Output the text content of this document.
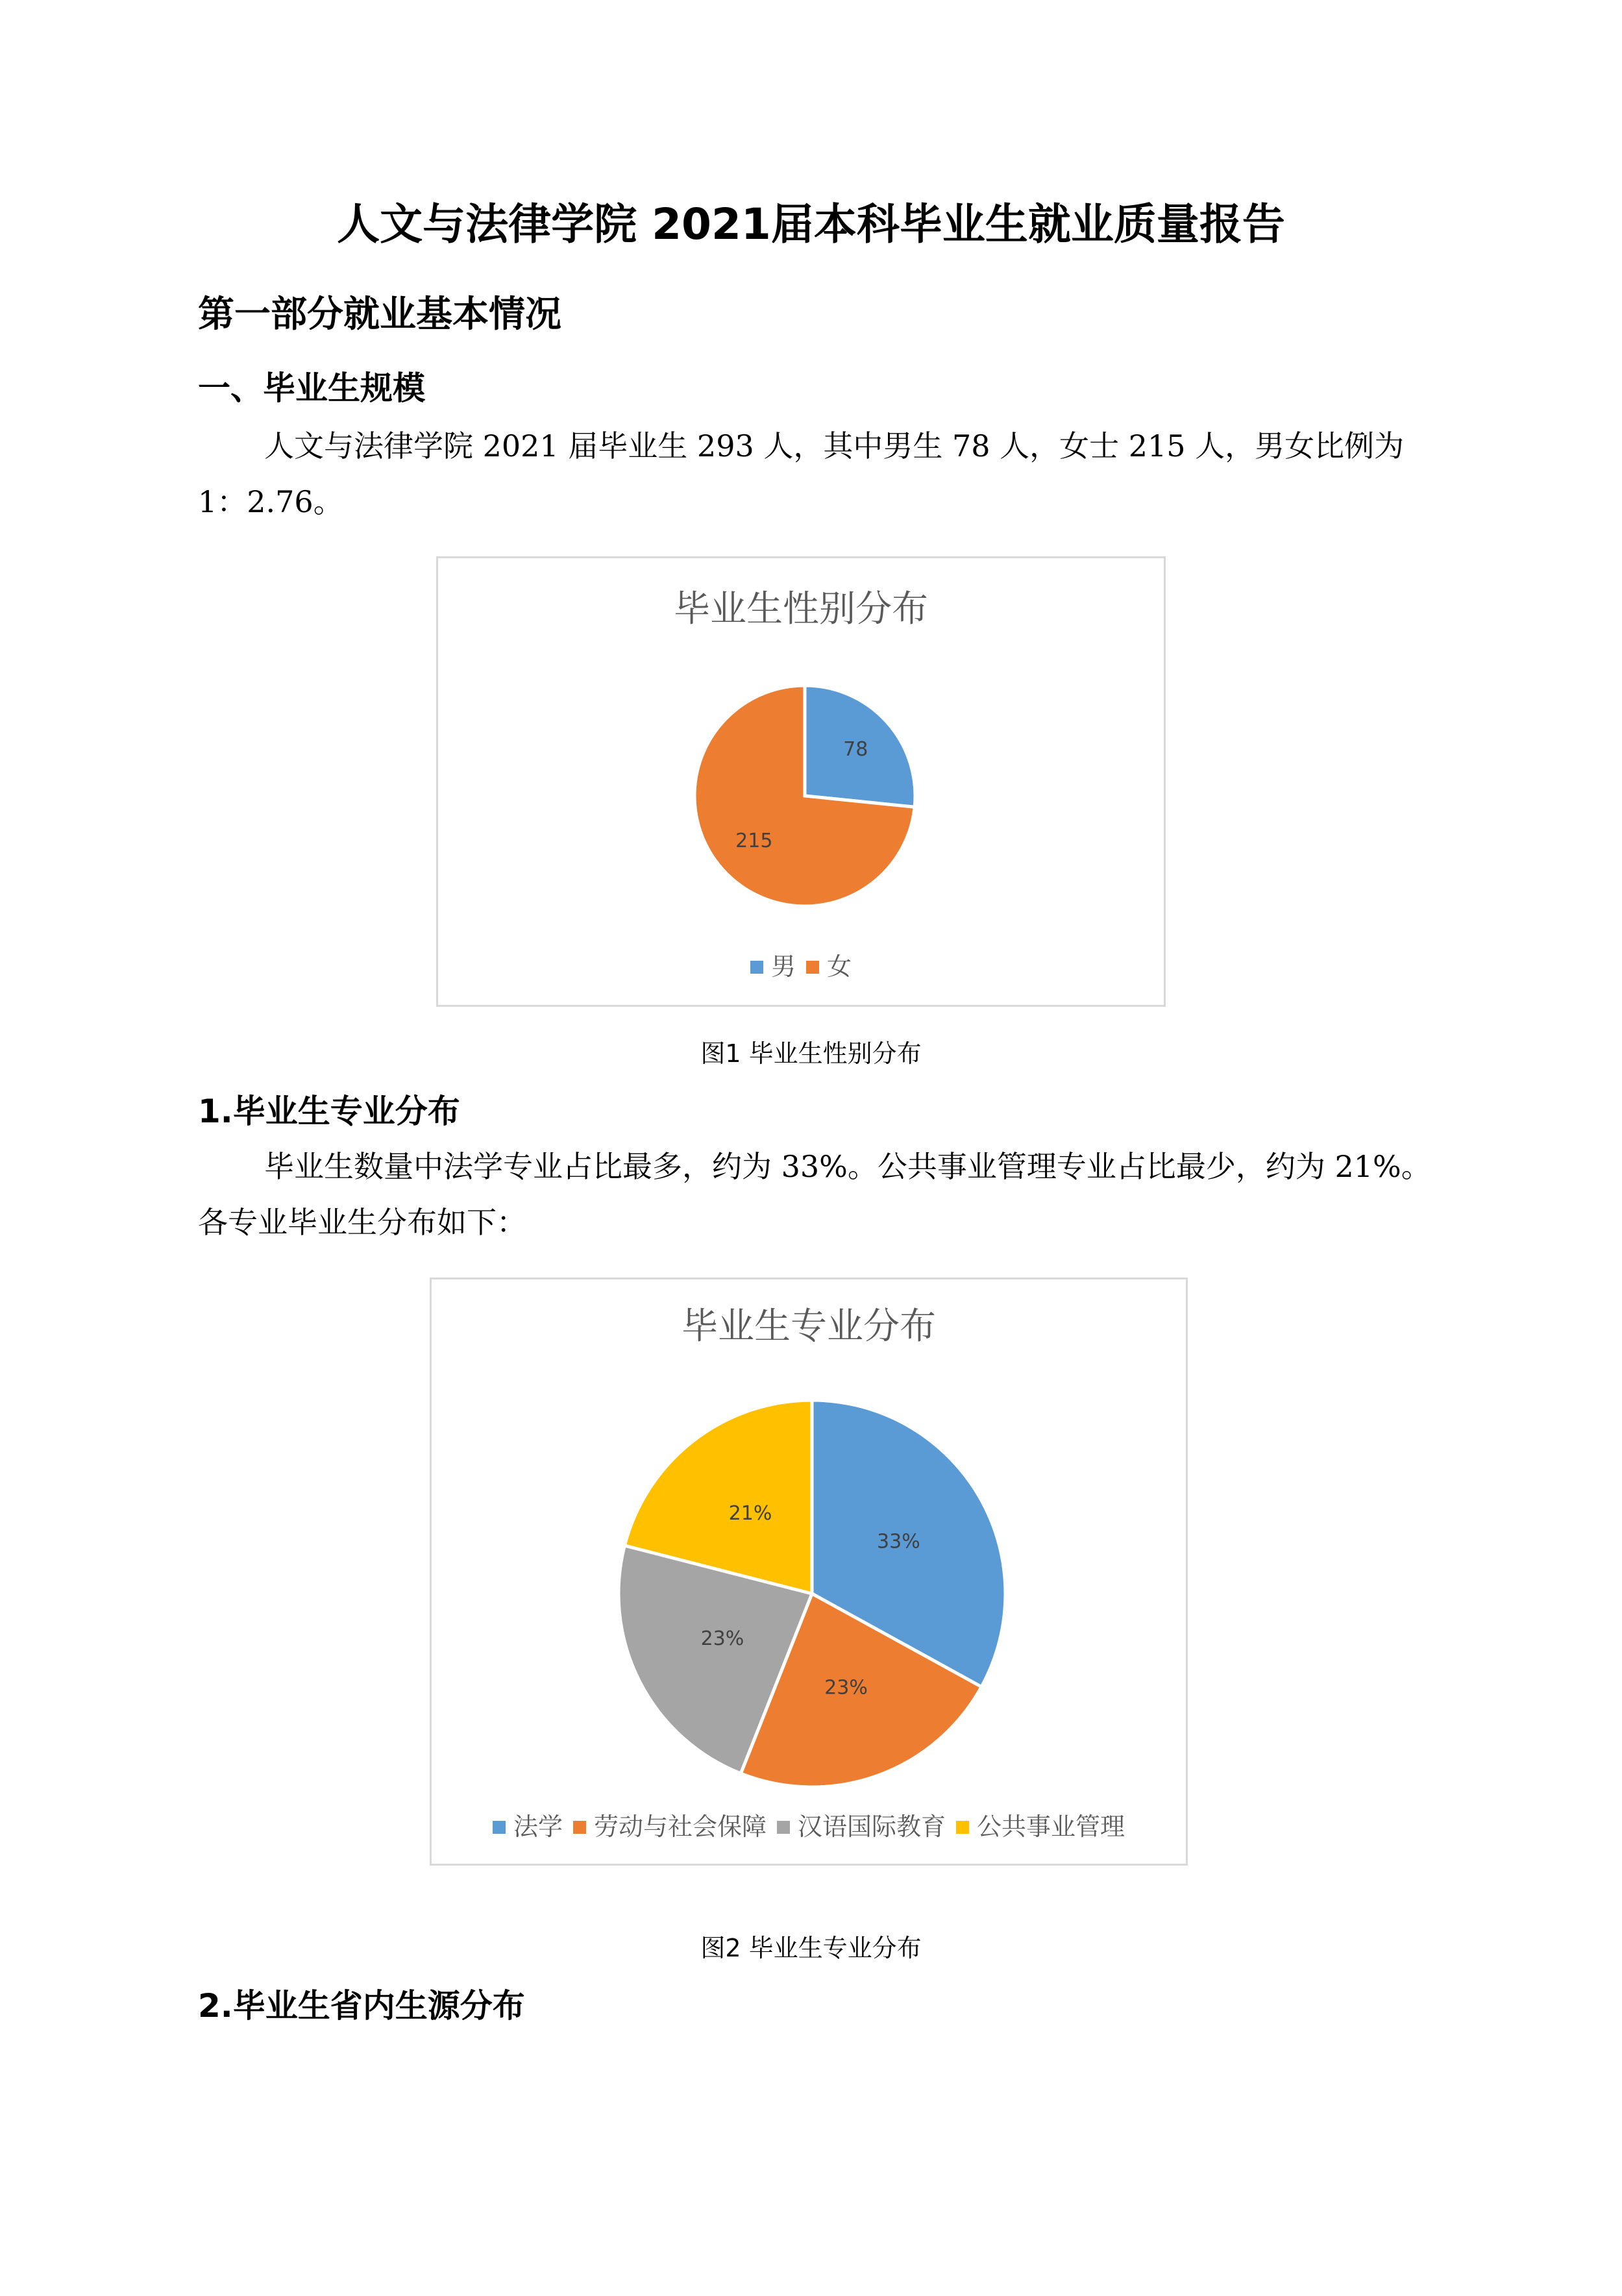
人文与法律学院 2021届本科毕业生就业质量报告
第一部分就业基本情况
一、毕业生规模

人文与法律学院 2021 届毕业生 293 人，其中男生 78 人，女士 215 人，男女比例为 1：2.76。

毕业生性别分布
78
215
男 女

图1 毕业生性别分布

1.毕业生专业分布

毕业生数量中法学专业占比最多，约为 33%。公共事业管理专业占比最少，约为 21%。各专业毕业生分布如下：

毕业生专业分布
33%
23%
23%
21%
法学 劳动与社会保障 汉语国际教育 公共事业管理

图2 毕业生专业分布

2.毕业生省内生源分布
